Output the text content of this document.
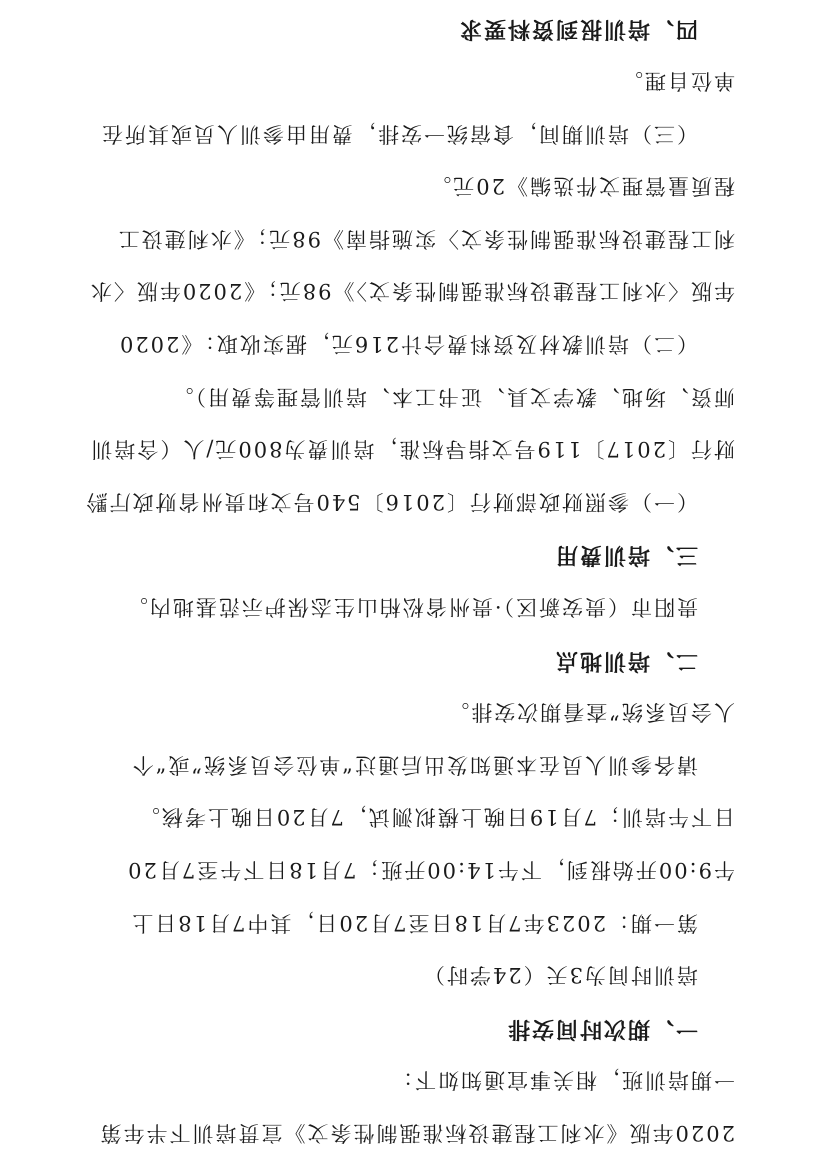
2020年版《水利工程建设标准强制性条文》宣贯培训下半年第
一期培训班，相关事宜通知如下：
一、期次时间安排
培训时间为3天（24学时）
第一期：2023年7月18日至7月20日，其中7月18日上
午9:00开始报到，下午14:00开班；7月18日下午至7月20
日下午培训；7月19日晚上模拟测试，7月20日晚上考核。
请各参训人员在本通知发出后通过“单位会员系统”或“个
人会员系统”查看期次安排。
二、培训地点
贵阳市（贵安新区）·贵州省松柏山生态保护示范基地内。
三、培训费用
（一）参照财政部财行〔2016〕540号文和贵州省财政厅黔
财行〔2017〕119号文指导标准，培训费为800元/人（含培训
师资、场地、教学文具、证书工本、培训管理等费用）。
（二）培训教材及资料费合计216元，据实收取：《2020
年版〈水利工程建设标准强制性条文〉》98元；《2020年版〈水
利工程建设标准强制性条文〉实施指南》98元；《水利建设工
程质量管理文件选编》20元。
（三）培训期间，食宿统一安排，费用由参训人员或其所在
单位自理。
四、培训报到资料要求
